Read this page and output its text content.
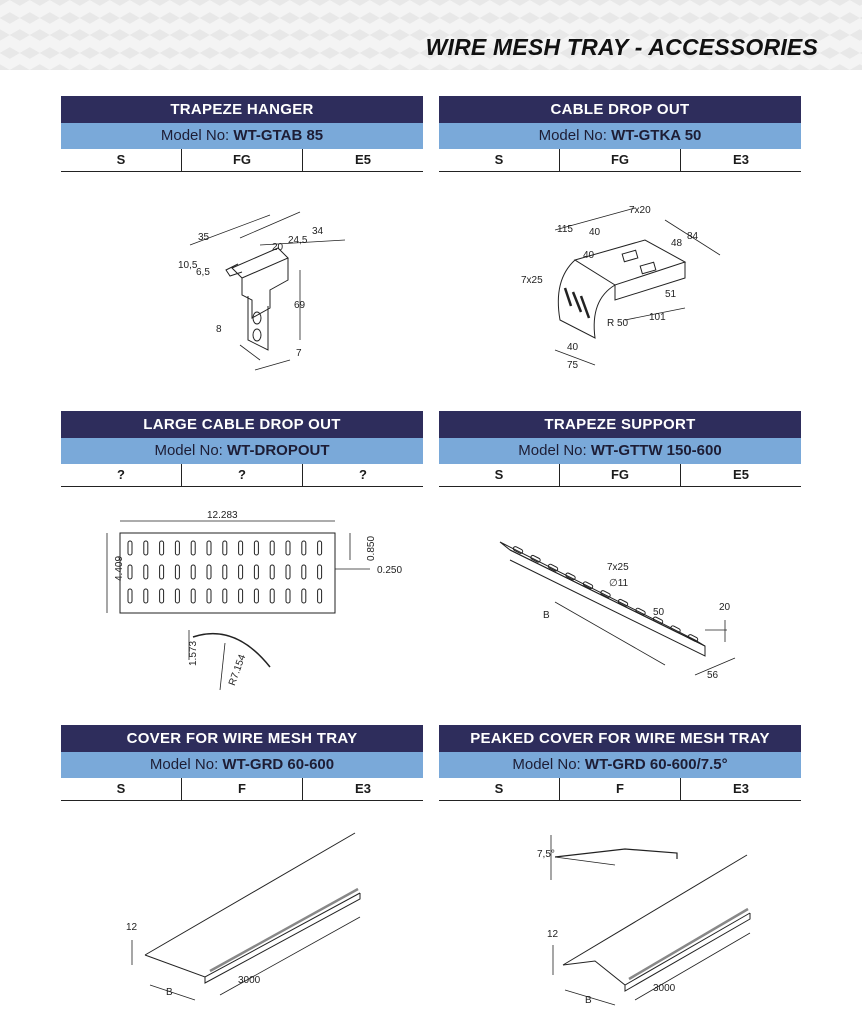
WIRE MESH TRAY - ACCESSORIES
TRAPEZE HANGER
Model No: WT-GTAB 85
S	FG	E5
35
34
24,5
20
10,5
6,5
69
8
7
CABLE DROP OUT
Model No: WT-GTKA 50
S	FG	E3
7x20
115 40
40
84
48
7x25
51
R 50
101
40
75
LARGE CABLE DROP OUT
Model No: WT-DROPOUT
?	?	?
12.283
4.409
0.850
0.250
1.573	R7.154
TRAPEZE SUPPORT
Model No: WT-GTTW 150-600
S	FG	E5
7x25
∅11
50	20
B
56
COVER FOR WIRE MESH TRAY
Model No: WT-GRD 60-600
S	F	E3
12
3000
B
PEAKED COVER FOR WIRE MESH TRAY
Model No: WT-GRD 60-600/7.5°
S	F	E3
7,5°
12
3000
B
